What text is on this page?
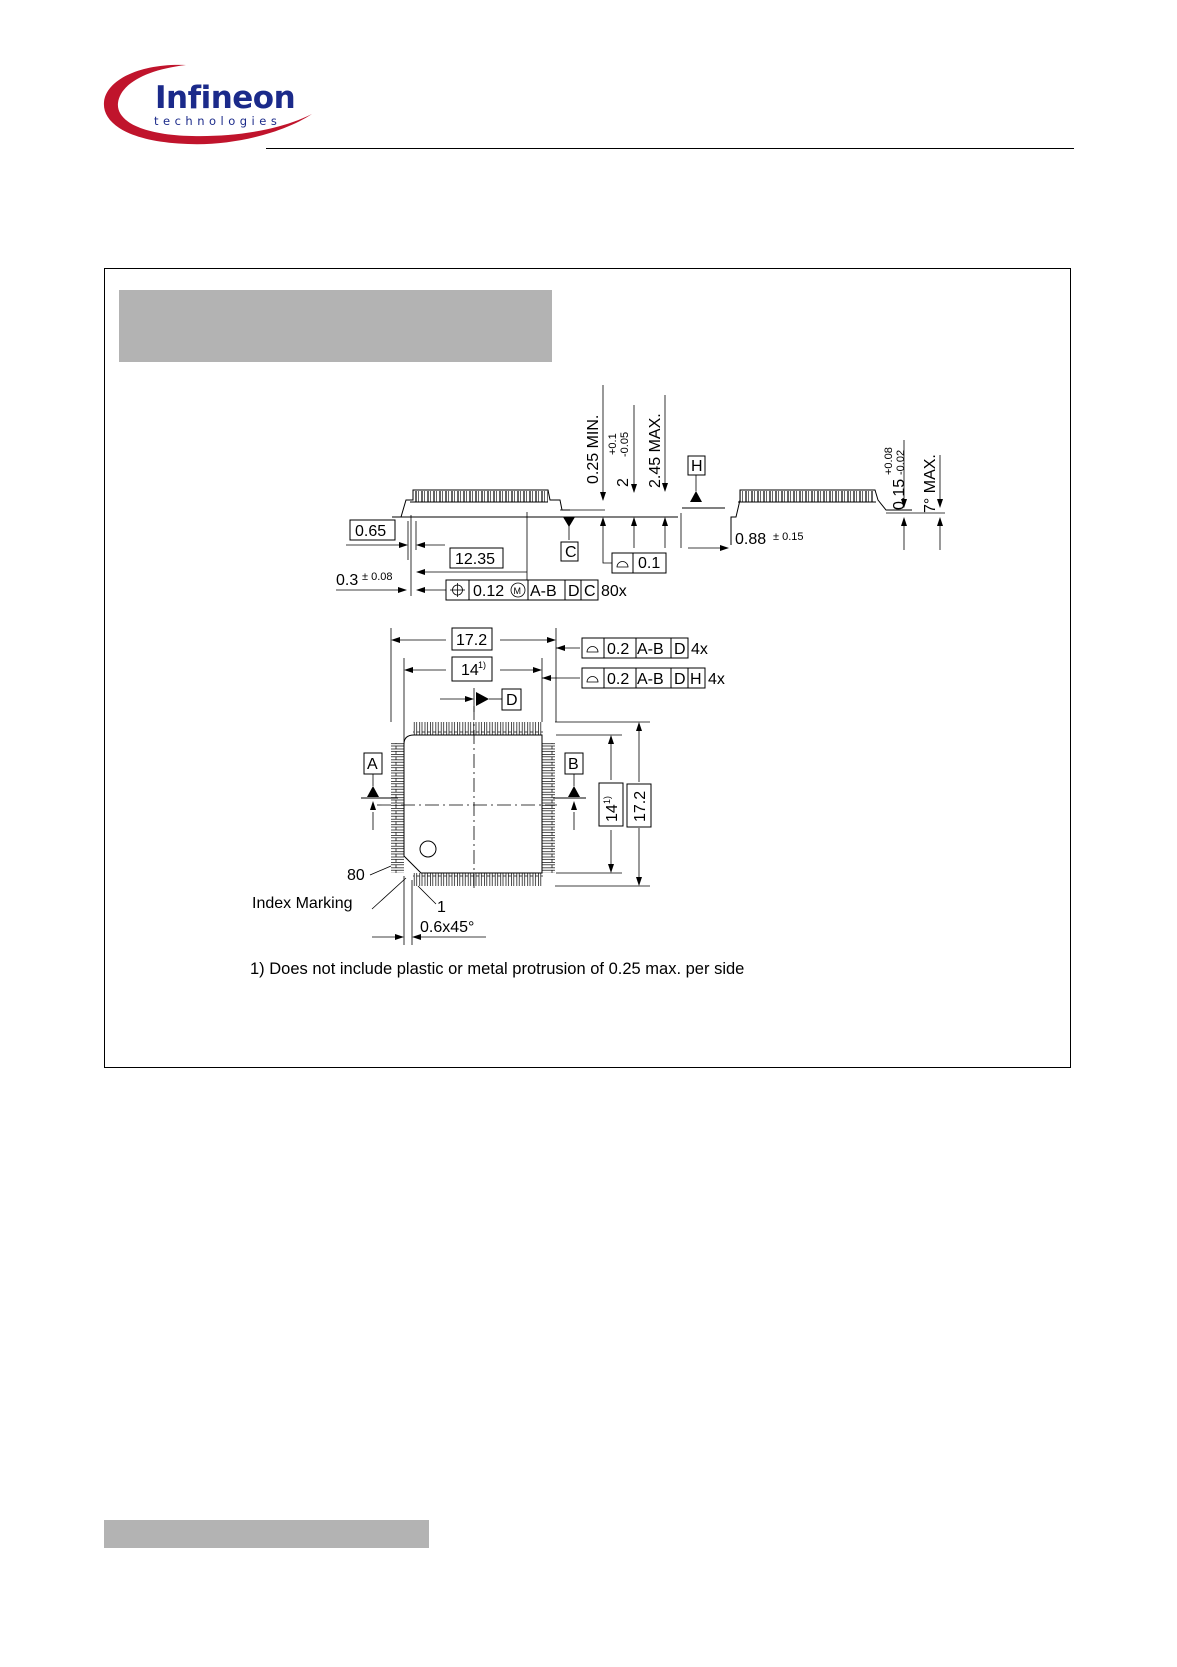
Infineon
technologies
0.25 MIN. 2
+0.1 -0.05 2.45 MAX.
C
0.1
0.65
12.35
0.3 ± 0.08
0.12 M A-B D C 80x
H
0.88 ± 0.15
0.15
+0.08 -0.02 7° MAX.
17.2
14 1)
0.2 A-B D 4x
0.2 A-B D H 4x
D
A	B
14
1) 17.2
80
Index Marking	1
0.6x45°
1) Does not include plastic or metal protrusion of 0.25 max. per side
